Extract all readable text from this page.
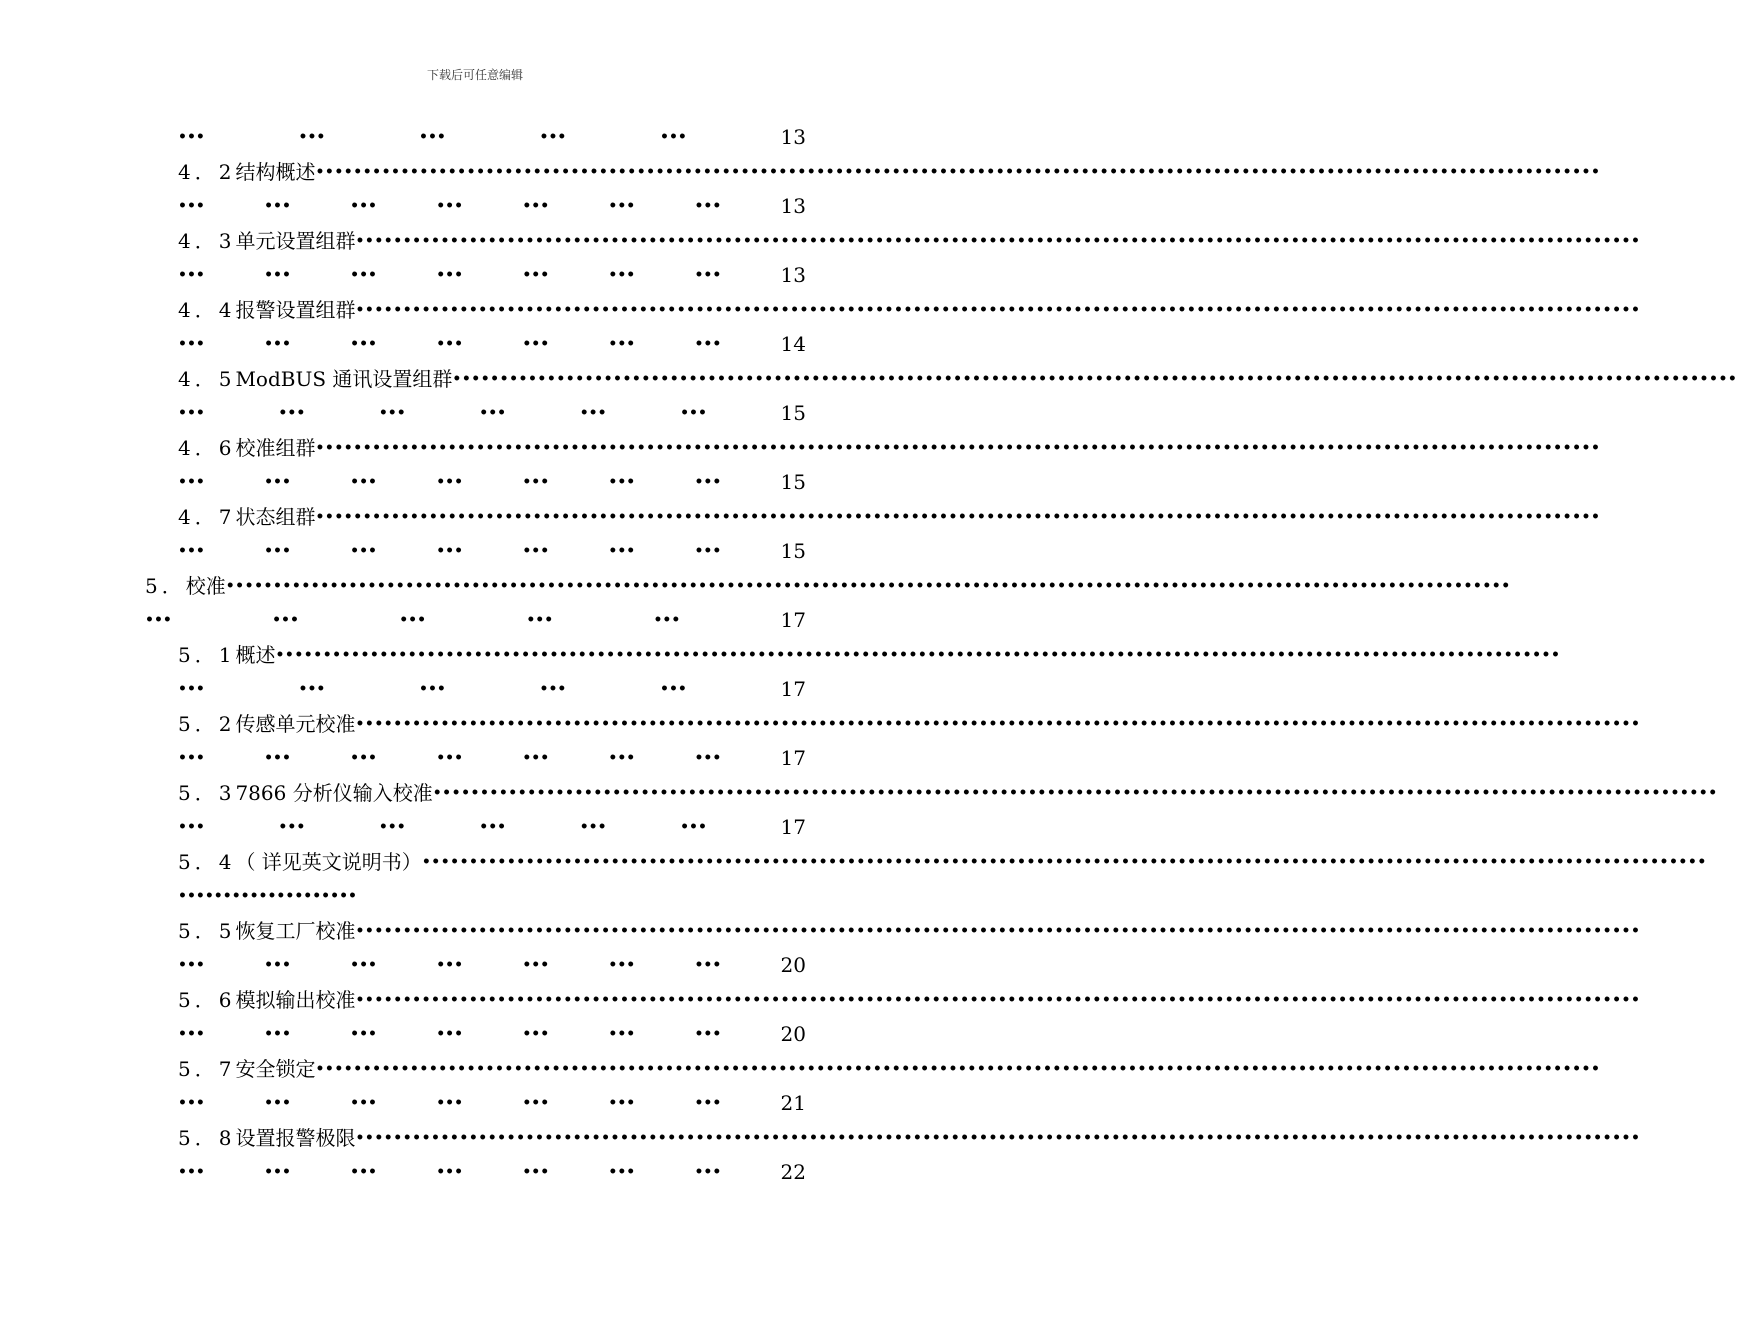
下载后可任意编辑
•••	•••	•••	•••	•••	13
4．2 结构概述
•••••
•••	•••	•••	•••	•••	•••	•••	13
4．3 单元设置组群
•••••
•••	•••	•••	•••	•••	•••	•••	13
4．4 报警设置组群
•••••
•••	•••	•••	•••	•••	•••	•••	14
4．5 ModBUS 通讯设置组群
•••••
•••	•••	•••	•••	•••	•••	15
4．6 校准组群
•••••
•••	•••	•••	•••	•••	•••	•••	15
4．7 状态组群
•••••
•••	•••	•••	•••	•••	•••	•••	15
5． 校准
•••••
•••	•••	•••	•••	•••	17
5．1 概述
•••••
•••	•••	•••	•••	•••	17
5．2 传感单元校准
•••••
•••	•••	•••	•••	•••	•••	•••	17
5．3 7866 分析仪输入校准
•••••
•••	•••	•••	•••	•••	•••	17
5．4 （ 详见英文说明书）
•••••
••••••••••••••••••••
5．5 恢复工厂校准
•••••
•••	•••	•••	•••	•••	•••	•••	20
5．6 模拟输出校准
•••••
•••	•••	•••	•••	•••	•••	•••	20
5．7 安全锁定
•••••
•••	•••	•••	•••	•••	•••	•••	21
5．8 设置报警极限
•••••
•••	•••	•••	•••	•••	•••	•••	22
